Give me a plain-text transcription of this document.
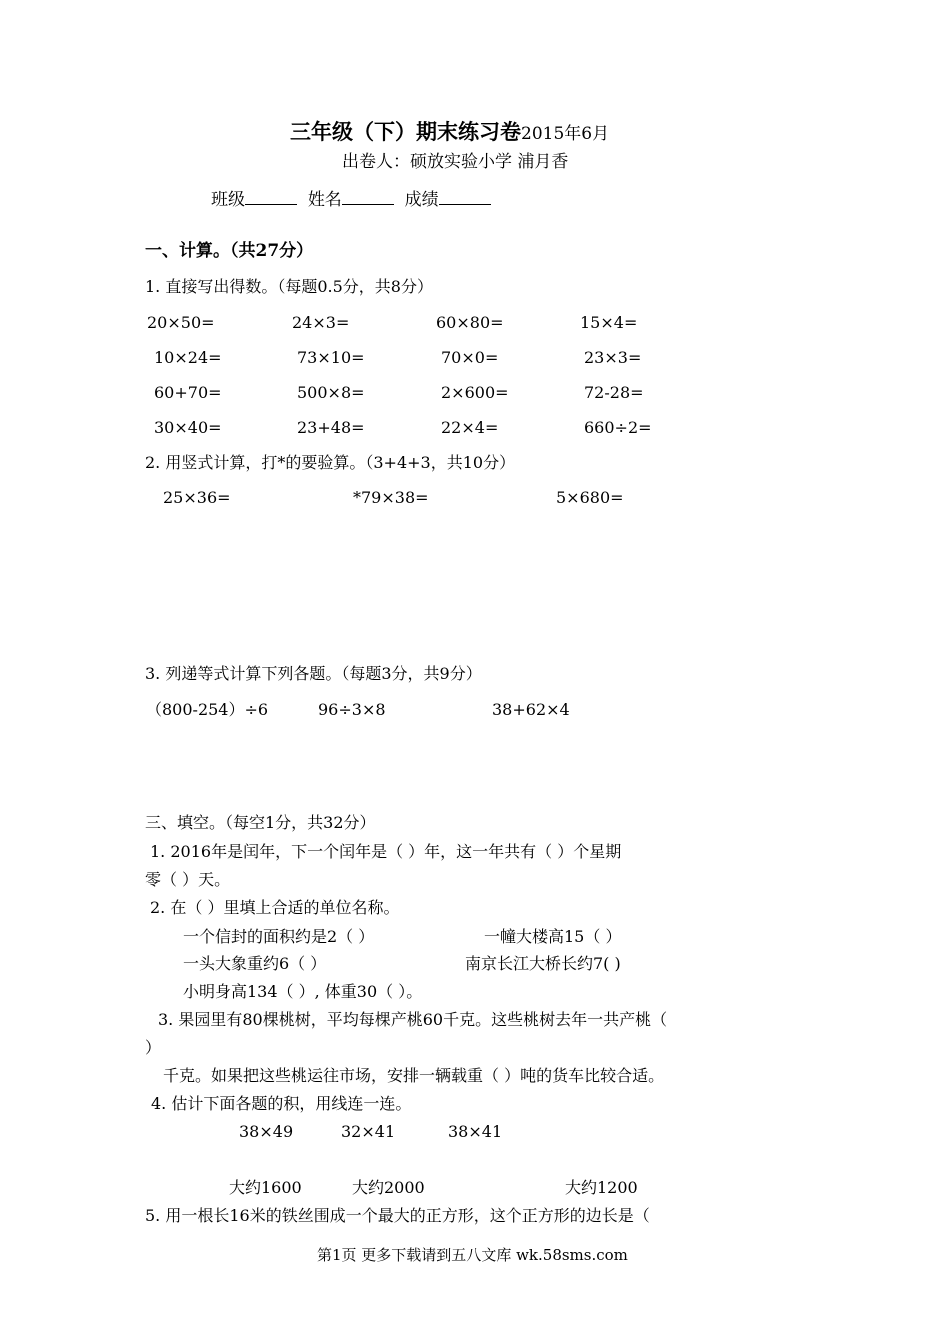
三年级（下）期末练习卷2015年6月
出卷人：硕放实验小学 浦月香
班级	姓名	成绩
一、计算。（共27分）
1. 直接写出得数。（每题0.5分，共8分）
20×50=	24×3=	60×80=	15×4=
10×24=	73×10=	70×0=	23×3=
60+70=	500×8=	2×600=	72-28=
30×40=	23+48=	22×4=	660÷2=
2. 用竖式计算，打*的要验算。（3+4+3，共10分）
25×36=	*79×38=	5×680=
3. 列递等式计算下列各题。（每题3分，共9分）
（800-254）÷6	96÷3×8	38+62×4
三、填空。（每空1分，共32分）
1. 2016年是闰年，下一个闰年是（ ）年，这一年共有（ ）个星期
零（ ）天。
2. 在（ ）里填上合适的单位名称。
一个信封的面积约是2（ ）	一幢大楼高15（ ）
一头大象重约6（ ）	南京长江大桥长约7( )
小明身高134（ ）, 体重30（ ）。
3. 果园里有80棵桃树，平均每棵产桃60千克。这些桃树去年一共产桃（
）
千克。如果把这些桃运往市场，安排一辆载重（ ）吨的货车比较合适。
4. 估计下面各题的积，用线连一连。
38×49	32×41	38×41
大约1600	大约2000	大约1200
5. 用一根长16米的铁丝围成一个最大的正方形，这个正方形的边长是（
第1页 更多下载请到五八文库 wk.58sms.com
